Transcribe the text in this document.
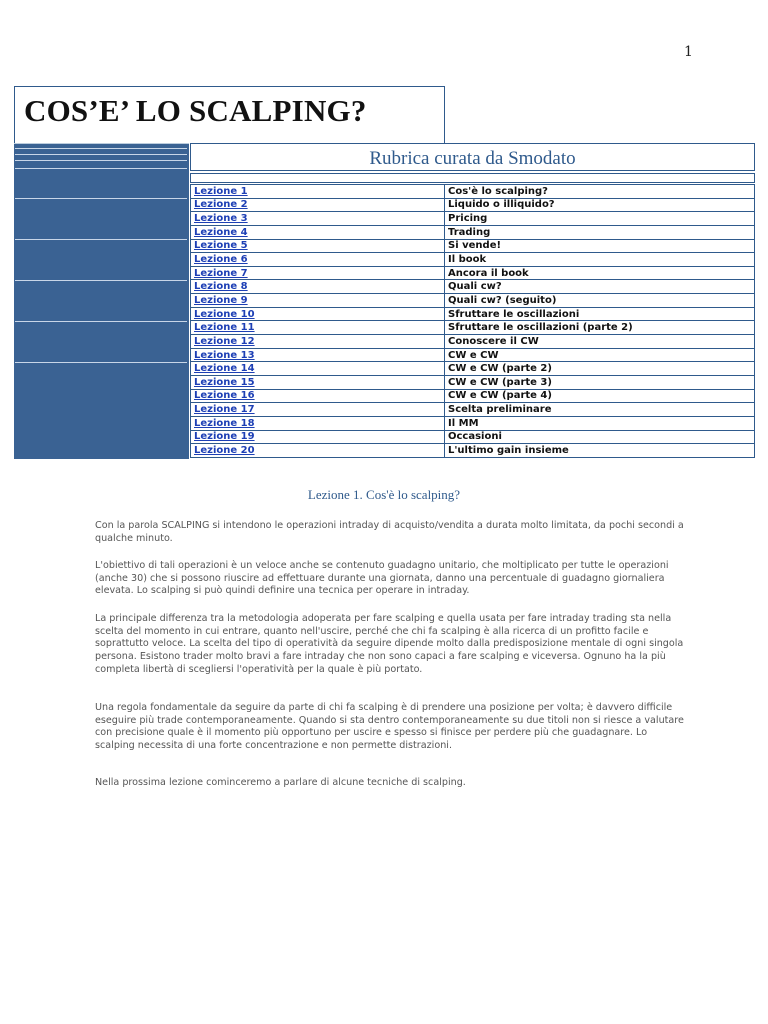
1
COS’E’ LO SCALPING?
Rubrica curata da Smodato
Lezione 1	Cos'è lo scalping?
Lezione 2	Liquido o illiquido?
Lezione 3	Pricing
Lezione 4	Trading
Lezione 5	Si vende!
Lezione 6	Il book
Lezione 7	Ancora il book
Lezione 8	Quali cw?
Lezione 9	Quali cw? (seguito)
Lezione 10	Sfruttare le oscillazioni
Lezione 11	Sfruttare le oscillazioni (parte 2)
Lezione 12	Conoscere il CW
Lezione 13	CW e CW
Lezione 14	CW e CW (parte 2)
Lezione 15	CW e CW (parte 3)
Lezione 16	CW e CW (parte 4)
Lezione 17	Scelta preliminare
Lezione 18	Il MM
Lezione 19	Occasioni
Lezione 20	L'ultimo gain insieme
Lezione 1. Cos'è lo scalping?

Con la parola SCALPING si intendono le operazioni intraday di acquisto/vendita a durata molto limitata, da pochi secondi a qualche minuto.

L'obiettivo di tali operazioni è un veloce anche se contenuto guadagno unitario, che moltiplicato per tutte le operazioni (anche 30) che si possono riuscire ad effettuare durante una giornata, danno una percentuale di guadagno giornaliera elevata. Lo scalping si può quindi definire una tecnica per operare in intraday.

La principale differenza tra la metodologia adoperata per fare scalping e quella usata per fare intraday trading sta nella scelta del momento in cui entrare, quanto nell'uscire, perché che chi fa scalping è alla ricerca di un profitto facile e soprattutto veloce. La scelta del tipo di operatività da seguire dipende molto dalla predisposizione mentale di ogni singola persona. Esistono trader molto bravi a fare intraday che non sono capaci a fare scalping e viceversa. Ognuno ha la più completa libertà di scegliersi l'operatività per la quale è più portato.

Una regola fondamentale da seguire da parte di chi fa scalping è di prendere una posizione per volta; è davvero difficile eseguire più trade contemporaneamente. Quando si sta dentro contemporaneamente su due titoli non si riesce a valutare con precisione quale è il momento più opportuno per uscire e spesso si finisce per perdere più che guadagnare. Lo scalping necessita di una forte concentrazione e non permette distrazioni.

Nella prossima lezione cominceremo a parlare di alcune tecniche di scalping.
